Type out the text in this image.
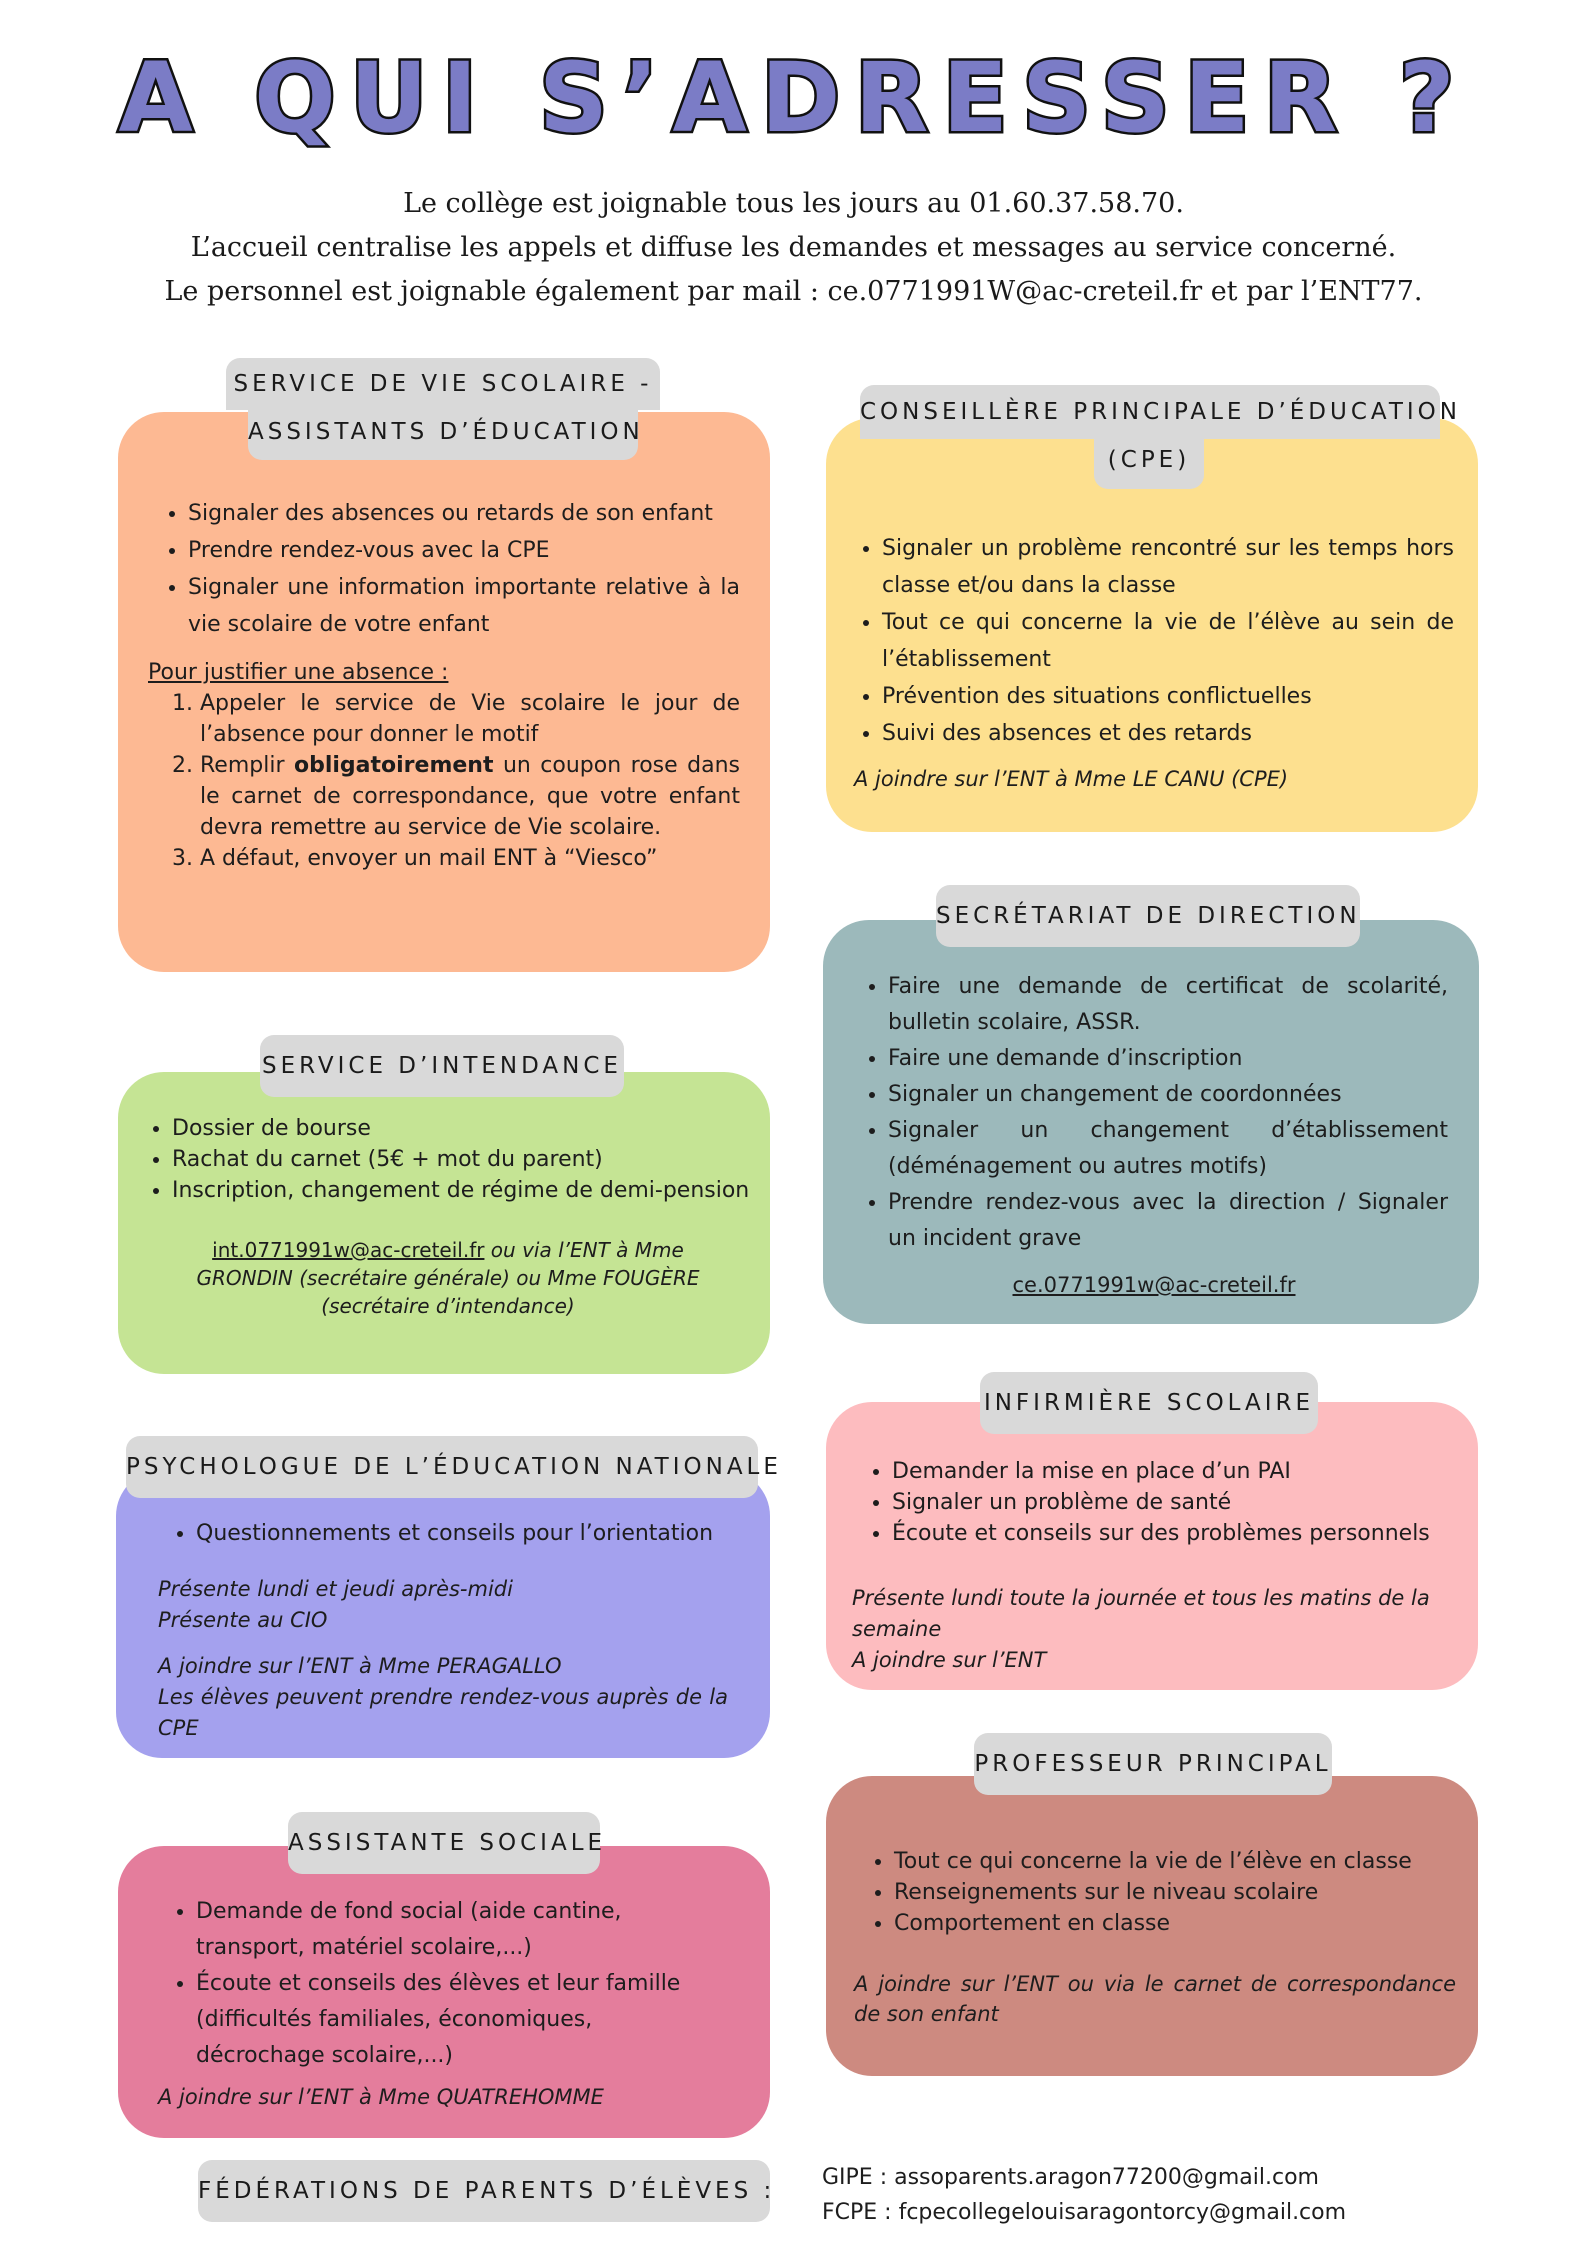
A QUI S’ADRESSER ?
Le collège est joignable tous les jours au 01.60.37.58.70.
L’accueil centralise les appels et diffuse les demandes et messages au service concerné.
Le personnel est joignable également par mail : ce.0771991W@ac-creteil.fr et par l’ENT77.
SERVICE DE VIE SCOLAIRE -
ASSISTANTS D’ÉDUCATION
• Signaler des absences ou retards de son enfant
• Prendre rendez-vous avec la CPE
• Signaler une information importante relative à la vie scolaire de votre enfant
Pour justifier une absence :
1. Appeler le service de Vie scolaire le jour de l’absence pour donner le motif
2. Remplir obligatoirement un coupon rose dans le carnet de correspondance, que votre enfant devra remettre au service de Vie scolaire.
3. A défaut, envoyer un mail ENT à “Viesco”
CONSEILLÈRE PRINCIPALE D’ÉDUCATION
(CPE)
• Signaler un problème rencontré sur les temps hors classe et/ou dans la classe
• Tout ce qui concerne la vie de l’élève au sein de l’établissement
• Prévention des situations conflictuelles
• Suivi des absences et des retards
A joindre sur l’ENT à Mme LE CANU (CPE)
SECRÉTARIAT DE DIRECTION
• Faire une demande de certificat de scolarité, bulletin scolaire, ASSR.
• Faire une demande d’inscription
• Signaler un changement de coordonnées
• Signaler un changement d’établissement (déménagement ou autres motifs)
• Prendre rendez-vous avec la direction / Signaler un incident grave
ce.0771991w@ac-creteil.fr
SERVICE D’INTENDANCE
• Dossier de bourse
• Rachat du carnet (5€ + mot du parent)
• Inscription, changement de régime de demi-pension
int.0771991w@ac-creteil.fr ou via l’ENT à Mme GRONDIN (secrétaire générale) ou Mme FOUGÈRE (secrétaire d’intendance)
INFIRMIÈRE SCOLAIRE
• Demander la mise en place d’un PAI
• Signaler un problème de santé
• Écoute et conseils sur des problèmes personnels
Présente lundi toute la journée et tous les matins de la semaine
A joindre sur l’ENT
PSYCHOLOGUE DE L’ÉDUCATION NATIONALE
• Questionnements et conseils pour l’orientation
Présente lundi et jeudi après-midi
Présente au CIO
A joindre sur l’ENT à Mme PERAGALLO
Les élèves peuvent prendre rendez-vous auprès de la CPE
PROFESSEUR PRINCIPAL
• Tout ce qui concerne la vie de l’élève en classe
• Renseignements sur le niveau scolaire
• Comportement en classe
A joindre sur l’ENT ou via le carnet de correspondance de son enfant
ASSISTANTE SOCIALE
• Demande de fond social (aide cantine, transport, matériel scolaire,...)
• Écoute et conseils des élèves et leur famille (difficultés familiales, économiques, décrochage scolaire,...)
A joindre sur l’ENT à Mme QUATREHOMME
FÉDÉRATIONS DE PARENTS D’ÉLÈVES :
GIPE : assoparents.aragon77200@gmail.com
FCPE : fcpecollegelouisaragontorcy@gmail.com
